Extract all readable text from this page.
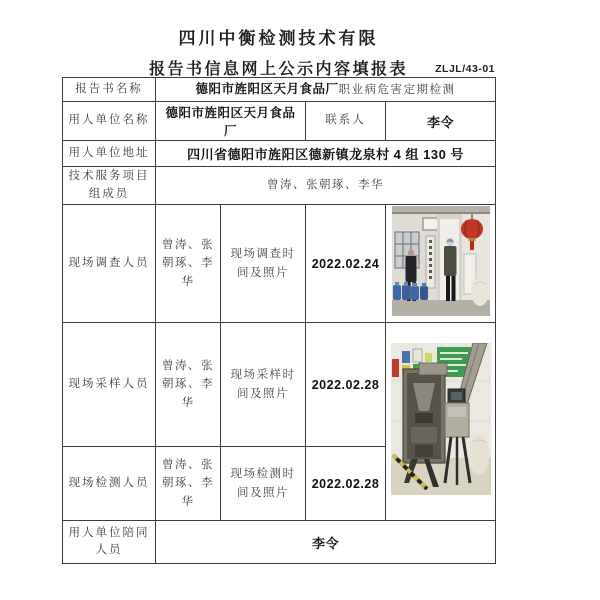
四川中衡检测技术有限
报告书信息网上公示内容填报表	ZLJL/43-01
报告书名称	德阳市旌阳区天月食品厂职业病危害定期检测			
用人单位名称	德阳市旌阳区天月食品厂		联系人	李令
用人单位地址	四川省德阳市旌阳区德新镇龙泉村 4 组 130 号			
技术服务项目组成员	曾涛、张朝琢、李华			
现场调查人员	曾涛、张朝琢、李华	现场调查时间及照片	2022.02.24	
现场采样人员	曾涛、张朝琢、李华	现场采样时间及照片	2022.02.28	
现场检测人员	曾涛、张朝琢、李华	现场检测时间及照片	2022.02.28	
用人单位陪同人员	李令			
